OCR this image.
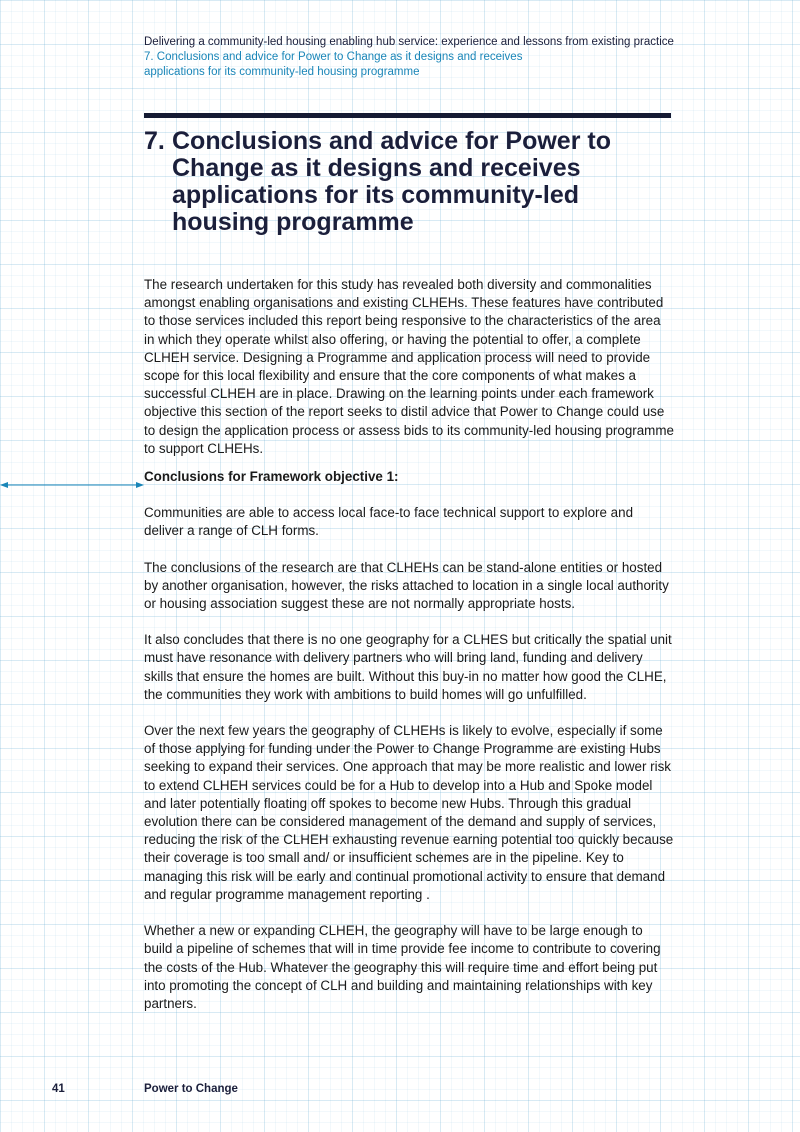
Delivering a community-led housing enabling hub service: experience and lessons from existing practice
7. Conclusions and advice for Power to Change as it designs and receives
applications for its community-led housing programme
7. Conclusions and advice for Power to Change as it designs and receives applications for its community-led housing programme

The research undertaken for this study has revealed both diversity and commonalities amongst enabling organisations and existing CLHEHs. These features have contributed to those services included this report being responsive to the characteristics of the area in which they operate whilst also offering, or having the potential to offer, a complete CLHEH service. Designing a Programme and application process will need to provide scope for this local flexibility and ensure that the core components of what makes a successful CLHEH are in place. Drawing on the learning points under each framework objective this section of the report seeks to distil advice that Power to Change could use to design the application process or assess bids to its community-led housing programme to support CLHEHs.

Conclusions for Framework objective 1:

Communities are able to access local face-to face technical support to explore and deliver a range of CLH forms.

The conclusions of the research are that CLHEHs can be stand-alone entities or hosted by another organisation, however, the risks attached to location in a single local authority or housing association suggest these are not normally appropriate hosts.

It also concludes that there is no one geography for a CLHES but critically the spatial unit must have resonance with delivery partners who will bring land, funding and delivery skills that ensure the homes are built. Without this buy-in no matter how good the CLHE, the communities they work with ambitions to build homes will go unfulfilled.

Over the next few years the geography of CLHEHs is likely to evolve, especially if some of those applying for funding under the Power to Change Programme are existing Hubs seeking to expand their services. One approach that may be more realistic and lower risk to extend CLHEH services could be for a Hub to develop into a Hub and Spoke model and later potentially floating off spokes to become new Hubs. Through this gradual evolution there can be considered management of the demand and supply of services, reducing the risk of the CLHEH exhausting revenue earning potential too quickly because their coverage is too small and/ or insufficient schemes are in the pipeline. Key to managing this risk will be early and continual promotional activity to ensure that demand and regular programme management reporting .

Whether a new or expanding CLHEH, the geography will have to be large enough to build a pipeline of schemes that will in time provide fee income to contribute to covering the costs of the Hub. Whatever the geography this will require time and effort being put into promoting the concept of CLH and building and maintaining relationships with key partners.

41	Power to Change
